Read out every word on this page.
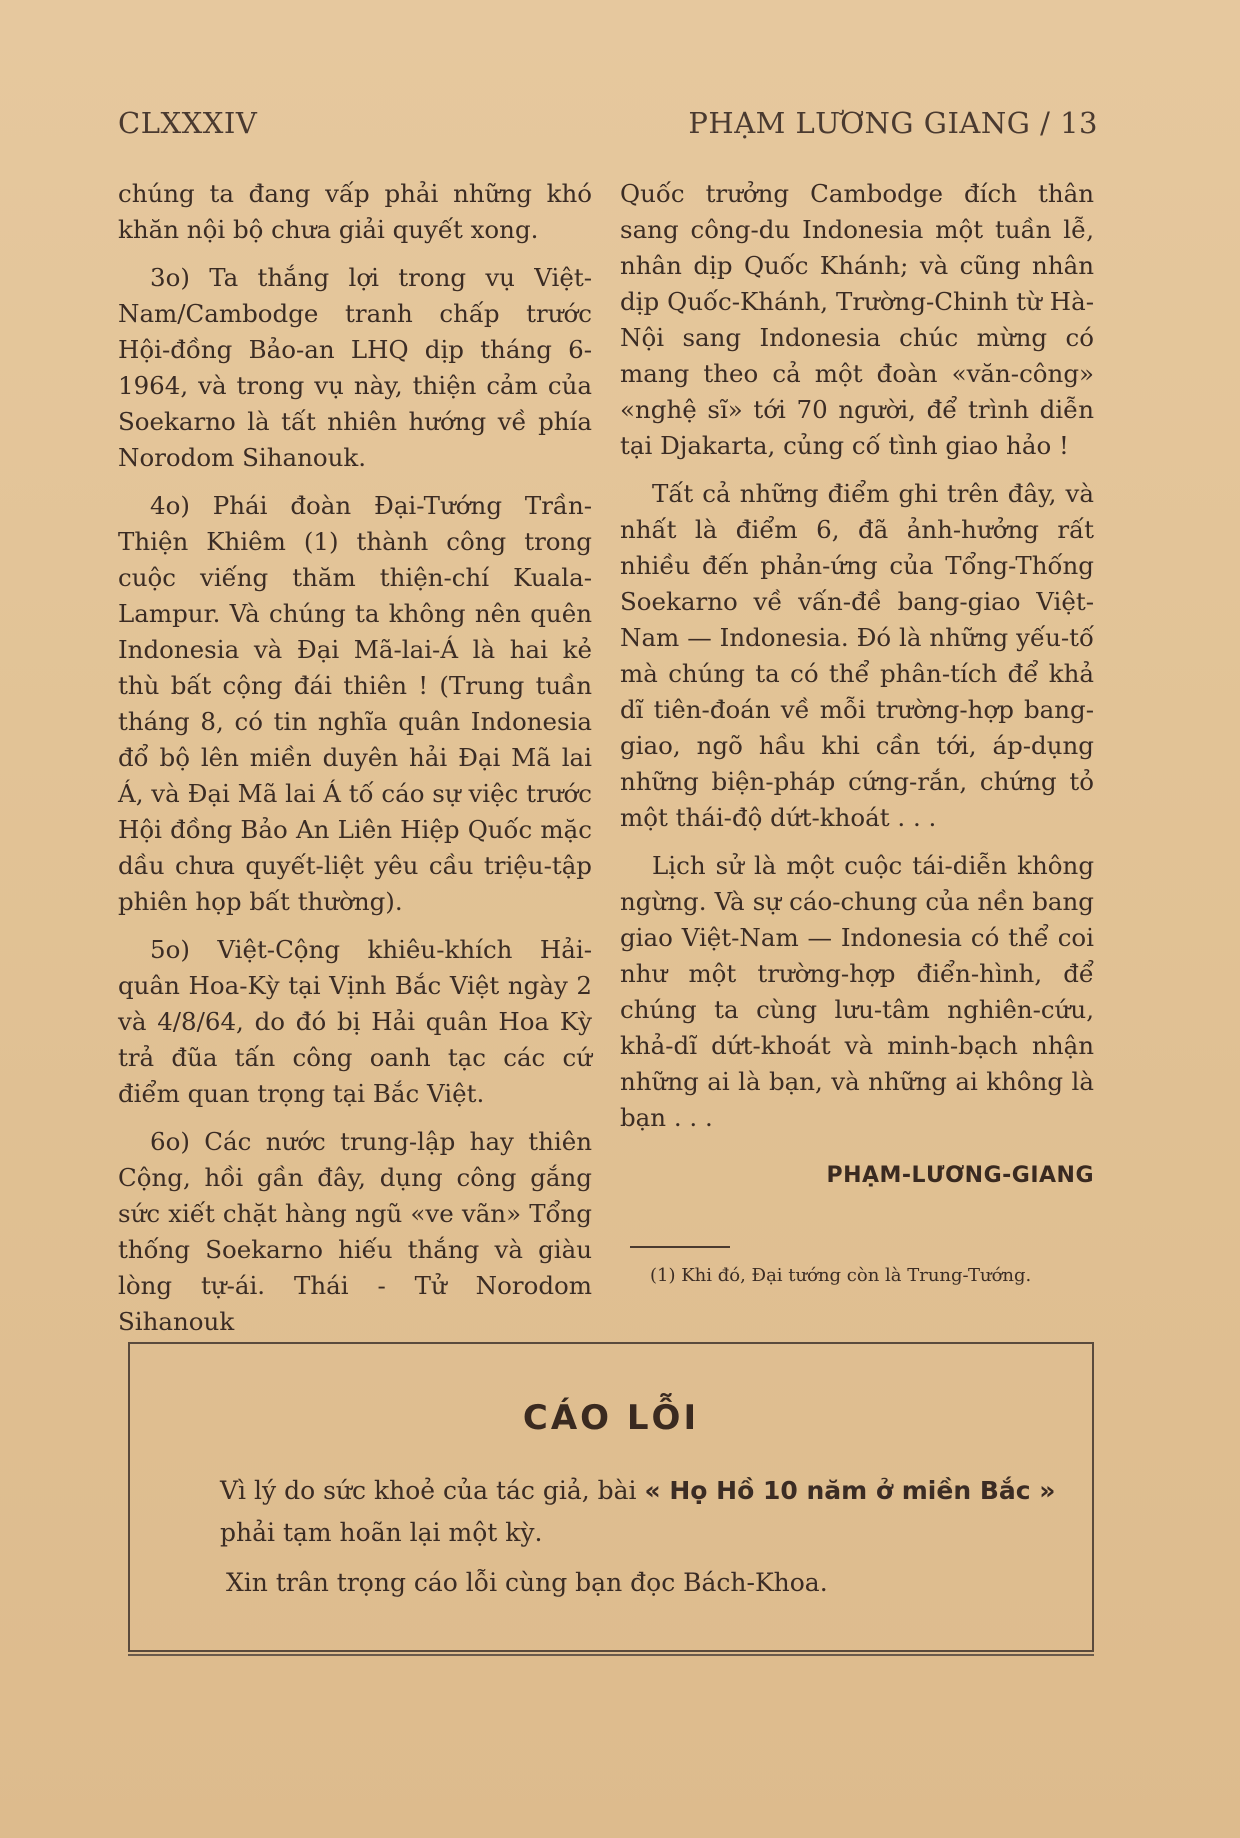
CLXXXIV	PHẠM LƯƠNG GIANG / 13

chúng ta đang vấp phải những khó khăn nội bộ chưa giải quyết xong.

3o) Ta thắng lợi trong vụ Việt-Nam/Cambodge tranh chấp trước Hội-đồng Bảo-an LHQ dịp tháng 6-1964, và trong vụ này, thiện cảm của Soekarno là tất nhiên hướng về phía Norodom Sihanouk.

4o) Phái đoàn Đại-Tướng Trần-Thiện Khiêm (1) thành công trong cuộc viếng thăm thiện-chí Kuala-Lampur. Và chúng ta không nên quên Indonesia và Đại Mã-lai-Á là hai kẻ thù bất cộng đái thiên ! (Trung tuần tháng 8, có tin nghĩa quân Indonesia đổ bộ lên miền duyên hải Đại Mã lai Á, và Đại Mã lai Á tố cáo sự việc trước Hội đồng Bảo An Liên Hiệp Quốc mặc dầu chưa quyết-liệt yêu cầu triệu-tập phiên họp bất thường).

5o) Việt-Cộng khiêu-khích Hải-quân Hoa-Kỳ tại Vịnh Bắc Việt ngày 2 và 4/8/64, do đó bị Hải quân Hoa Kỳ trả đũa tấn công oanh tạc các cứ điểm quan trọng tại Bắc Việt.

6o) Các nước trung-lập hay thiên Cộng, hồi gần đây, dụng công gắng sức xiết chặt hàng ngũ «ve vãn» Tổng thống Soekarno hiếu thắng và giàu lòng tự-ái. Thái - Tử Norodom Sihanouk

Quốc trưởng Cambodge đích thân sang công-du Indonesia một tuần lễ, nhân dịp Quốc Khánh; và cũng nhân dịp Quốc-Khánh, Trường-Chinh từ Hà-Nội sang Indonesia chúc mừng có mang theo cả một đoàn «văn-công» «nghệ sĩ» tới 70 người, để trình diễn tại Djakarta, củng cố tình giao hảo !

Tất cả những điểm ghi trên đây, và nhất là điểm 6, đã ảnh-hưởng rất nhiều đến phản-ứng của Tổng-Thống Soekarno về vấn-đề bang-giao Việt-Nam — Indonesia. Đó là những yếu-tố mà chúng ta có thể phân-tích để khả dĩ tiên-đoán về mỗi trường-hợp bang-giao, ngõ hầu khi cần tới, áp-dụng những biện-pháp cứng-rắn, chứng tỏ một thái-độ dứt-khoát . . .

Lịch sử là một cuộc tái-diễn không ngừng. Và sự cáo-chung của nền bang giao Việt-Nam — Indonesia có thể coi như một trường-hợp điển-hình, để chúng ta cùng lưu-tâm nghiên-cứu, khả-dĩ dứt-khoát và minh-bạch nhận những ai là bạn, và những ai không là bạn . . .

PHẠM-LƯƠNG-GIANG

(1) Khi đó, Đại tướng còn là Trung-Tướng.

CÁO LỖI
Vì lý do sức khoẻ của tác giả, bài « Họ Hồ 10 năm ở miền Bắc » phải tạm hoãn lại một kỳ.
Xin trân trọng cáo lỗi cùng bạn đọc Bách-Khoa.
